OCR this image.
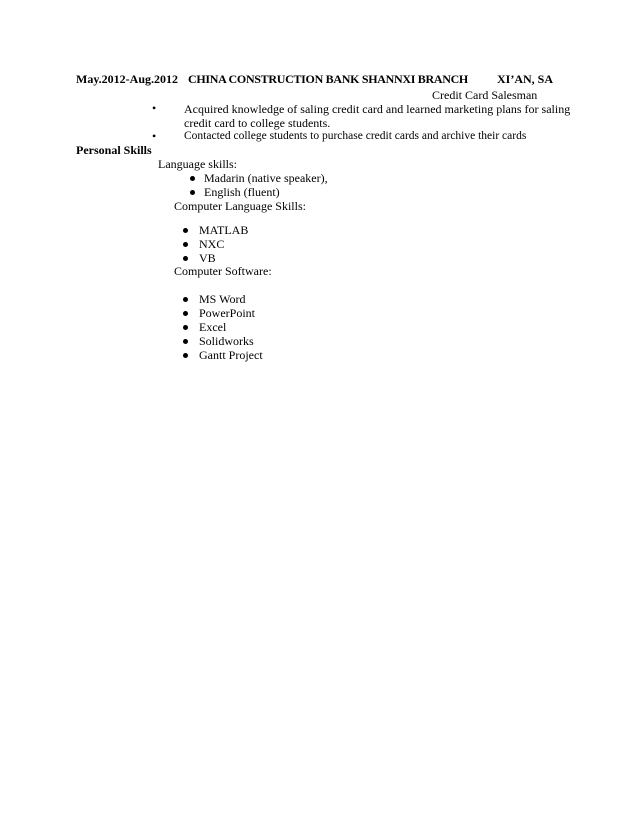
May.2012-Aug.2012 CHINA CONSTRUCTION BANK SHANNXI BRANCH XI’AN, SA
Credit Card Salesman
• Acquired knowledge of saling credit card and learned marketing plans for saling
credit card to college students.
• Contacted college students to purchase credit cards and archive their cards
Personal Skills
Language skills:
Madarin (native speaker),
English (fluent)
Computer Language Skills:
MATLAB
NXC
VB
Computer Software:
MS Word
PowerPoint
Excel
Solidworks
Gantt Project
